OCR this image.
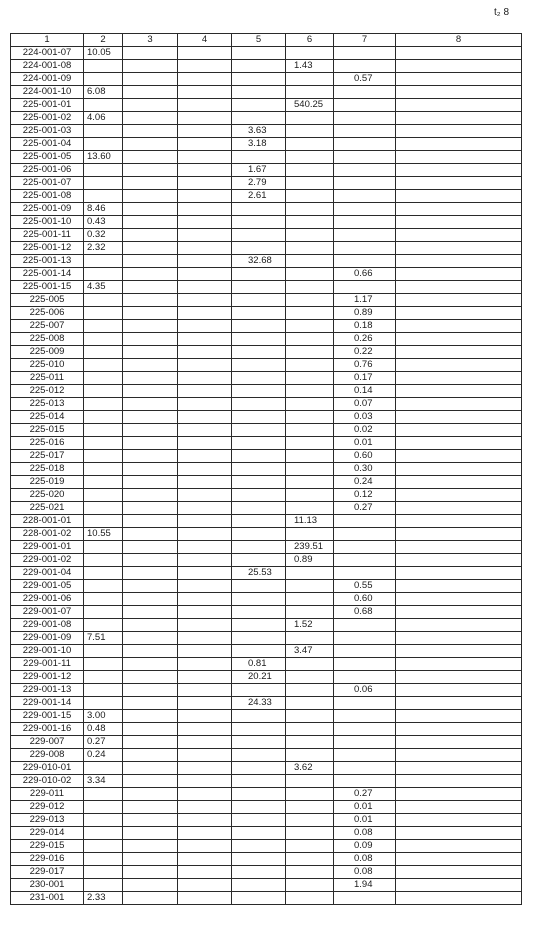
t₂ 8
1	2	3	4	5	6	7	8
224-001-07	10.05						
224-001-08					1.43		
224-001-09						0.57	
224-001-10	6.08						
225-001-01					540.25		
225-001-02	4.06						
225-001-03				3.63			
225-001-04				3.18			
225-001-05	13.60						
225-001-06				1.67			
225-001-07				2.79			
225-001-08				2.61			
225-001-09	8.46						
225-001-10	0.43						
225-001-11	0.32						
225-001-12	2.32						
225-001-13				32.68			
225-001-14						0.66	
225-001-15	4.35						
225-005						1.17	
225-006						0.89	
225-007						0.18	
225-008						0.26	
225-009						0.22	
225-010						0.76	
225-011						0.17	
225-012						0.14	
225-013						0.07	
225-014						0.03	
225-015						0.02	
225-016						0.01	
225-017						0.60	
225-018						0.30	
225-019						0.24	
225-020						0.12	
225-021						0.27	
228-001-01					11.13		
228-001-02	10.55						
229-001-01					239.51		
229-001-02					0.89		
229-001-04				25.53			
229-001-05						0.55	
229-001-06						0.60	
229-001-07						0.68	
229-001-08					1.52		
229-001-09	7.51						
229-001-10					3.47		
229-001-11				0.81			
229-001-12				20.21			
229-001-13						0.06	
229-001-14				24.33			
229-001-15	3.00						
229-001-16	0.48						
229-007	0.27						
229-008	0.24						
229-010-01					3.62		
229-010-02	3.34						
229-011						0.27	
229-012						0.01	
229-013						0.01	
229-014						0.08	
229-015						0.09	
229-016						0.08	
229-017						0.08	
230-001						1.94	
231-001	2.33						
